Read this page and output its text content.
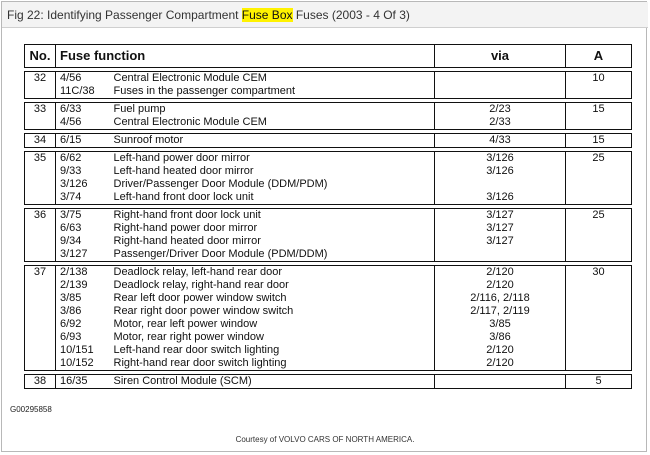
Fig 22: Identifying Passenger Compartment Fuse Box Fuses (2003 - 4 Of 3)
No.	Fuse function		via	A

32	4/56	Central Electronic Module CEM		10
	11C/38	Fuses in the passenger compartment		

33	6/33	Fuel pump	2/23	15
	4/56	Central Electronic Module CEM	2/33	

34	6/15	Sunroof motor	4/33	15

35	6/62	Left-hand power door mirror	3/126	25
	9/33	Left-hand heated door mirror	3/126	
	3/126	Driver/Passenger Door Module (DDM/PDM)		
	3/74	Left-hand front door lock unit	3/126	

36	3/75	Right-hand front door lock unit	3/127	25
	6/63	Right-hand power door mirror	3/127	
	9/34	Right-hand heated door mirror	3/127	
	3/127	Passenger/Driver Door Module (PDM/DDM)		

37	2/138	Deadlock relay, left-hand rear door	2/120	30
	2/139	Deadlock relay, right-hand rear door	2/120	
	3/85	Rear left door power window switch	2/116, 2/118	
	3/86	Rear right door power window switch	2/117, 2/119	
	6/92	Motor, rear left power window	3/85	
	6/93	Motor, rear right power window	3/86	
	10/151	Left-hand rear door switch lighting	2/120	
	10/152	Right-hand rear door switch lighting	2/120	

38	16/35	Siren Control Module (SCM)		5
G00295858
Courtesy of VOLVO CARS OF NORTH AMERICA.
